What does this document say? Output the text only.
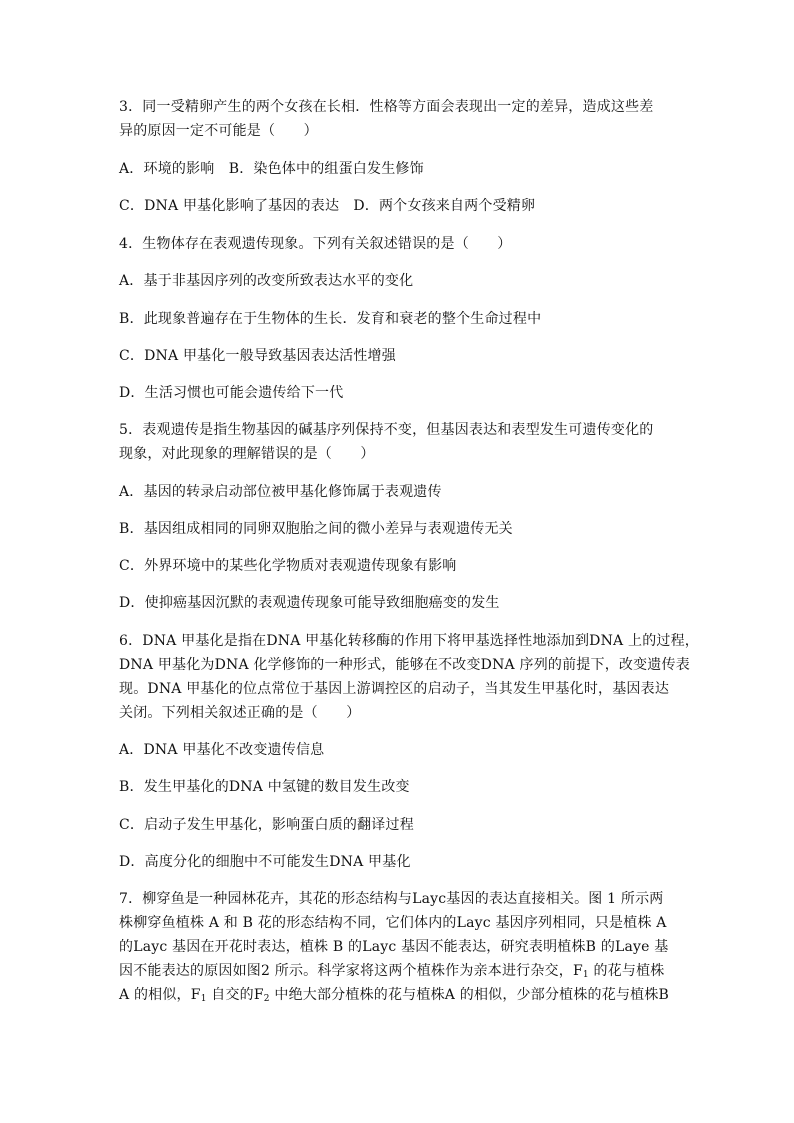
3．同一受精卵产生的两个女孩在长相．性格等方面会表现出一定的差异，造成这些差
异的原因一定不可能是（　　）
A．环境的影响　B．染色体中的组蛋白发生修饰
C．DNA 甲基化影响了基因的表达　D．两个女孩来自两个受精卵
4．生物体存在表观遗传现象。下列有关叙述错误的是（　　）
A．基于非基因序列的改变所致表达水平的变化
B．此现象普遍存在于生物体的生长．发育和衰老的整个生命过程中
C．DNA 甲基化一般导致基因表达活性增强
D．生活习惯也可能会遗传给下一代
5．表观遗传是指生物基因的碱基序列保持不变，但基因表达和表型发生可遗传变化的
现象，对此现象的理解错误的是（　　）
A．基因的转录启动部位被甲基化修饰属于表观遗传
B．基因组成相同的同卵双胞胎之间的微小差异与表观遗传无关
C．外界环境中的某些化学物质对表观遗传现象有影响
D．使抑癌基因沉默的表观遗传现象可能导致细胞癌变的发生
6．DNA 甲基化是指在DNA 甲基化转移酶的作用下将甲基选择性地添加到DNA 上的过程，
DNA 甲基化为DNA 化学修饰的一种形式，能够在不改变DNA 序列的前提下，改变遗传表
现。DNA 甲基化的位点常位于基因上游调控区的启动子，当其发生甲基化时，基因表达
关闭。下列相关叙述正确的是（　　）
A．DNA 甲基化不改变遗传信息
B．发生甲基化的DNA 中氢键的数目发生改变
C．启动子发生甲基化，影响蛋白质的翻译过程
D．高度分化的细胞中不可能发生DNA 甲基化
7．柳穿鱼是一种园林花卉，其花的形态结构与Layc基因的表达直接相关。图 1 所示两
株柳穿鱼植株 A 和 B 花的形态结构不同，它们体内的Layc 基因序列相同，只是植株 A
的Layc 基因在开花时表达，植株 B 的Layc 基因不能表达，研究表明植株B 的Laye 基
因不能表达的原因如图2 所示。科学家将这两个植株作为亲本进行杂交，$F_1$ 的花与植株
A 的相似，$F_1$ 自交的$F_2$ 中绝大部分植株的花与植株A 的相似，少部分植株的花与植株B
